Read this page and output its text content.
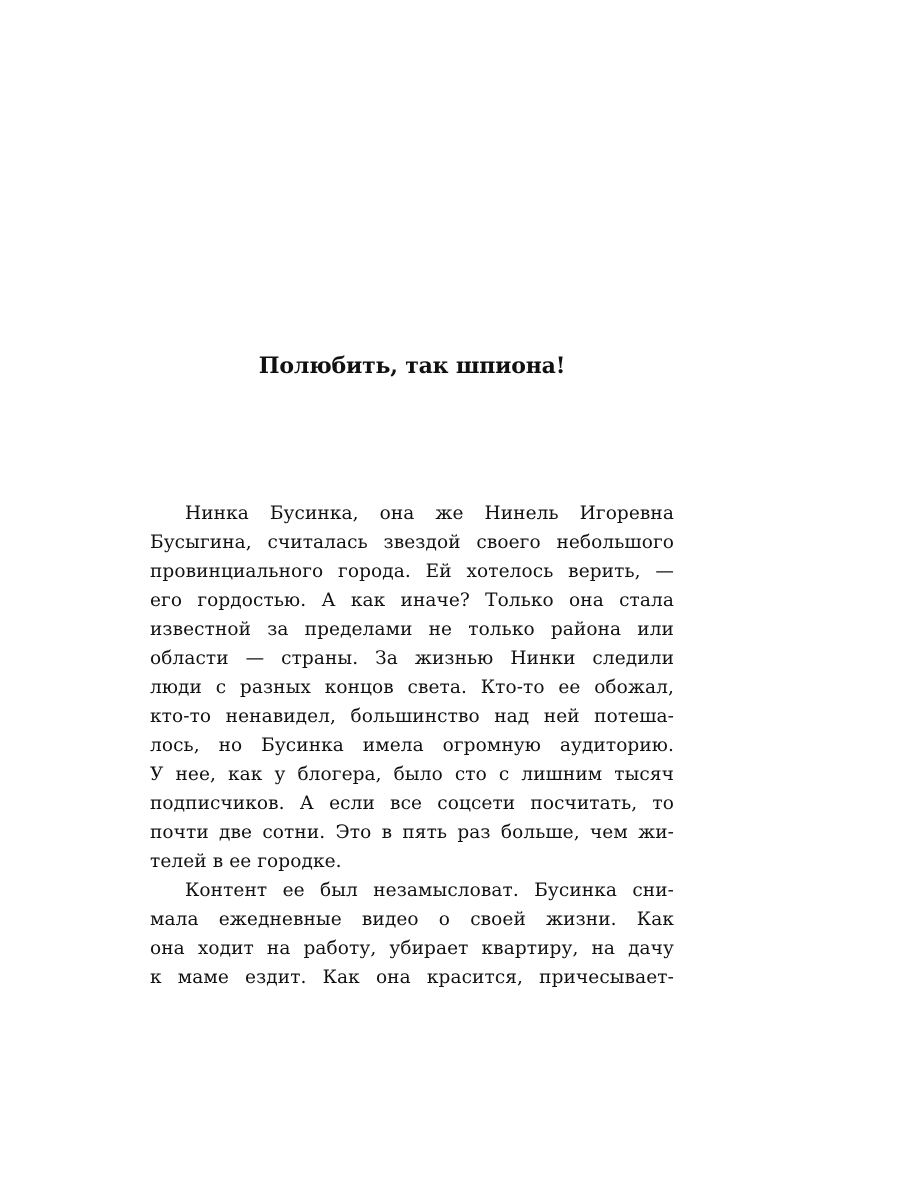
Полюбить, так шпиона!
Нинка Бусинка, она же Нинель Игоревна
Бусыгина, считалась звездой своего небольшого
провинциального города. Ей хотелось верить, —
его гордостью. А как иначе? Только она стала
известной за пределами не только района или
области — страны. За жизнью Нинки следили
люди с разных концов света. Кто-то ее обожал,
кто-то ненавидел, большинство над ней потеша-
лось, но Бусинка имела огромную аудиторию.
У нее, как у блогера, было сто с лишним тысяч
подписчиков. А если все соцсети посчитать, то
почти две сотни. Это в пять раз больше, чем жи-
телей в ее городке.
Контент ее был незамысловат. Бусинка сни-
мала ежедневные видео о своей жизни. Как
она ходит на работу, убирает квартиру, на дачу
к маме ездит. Как она красится, причесывает-
